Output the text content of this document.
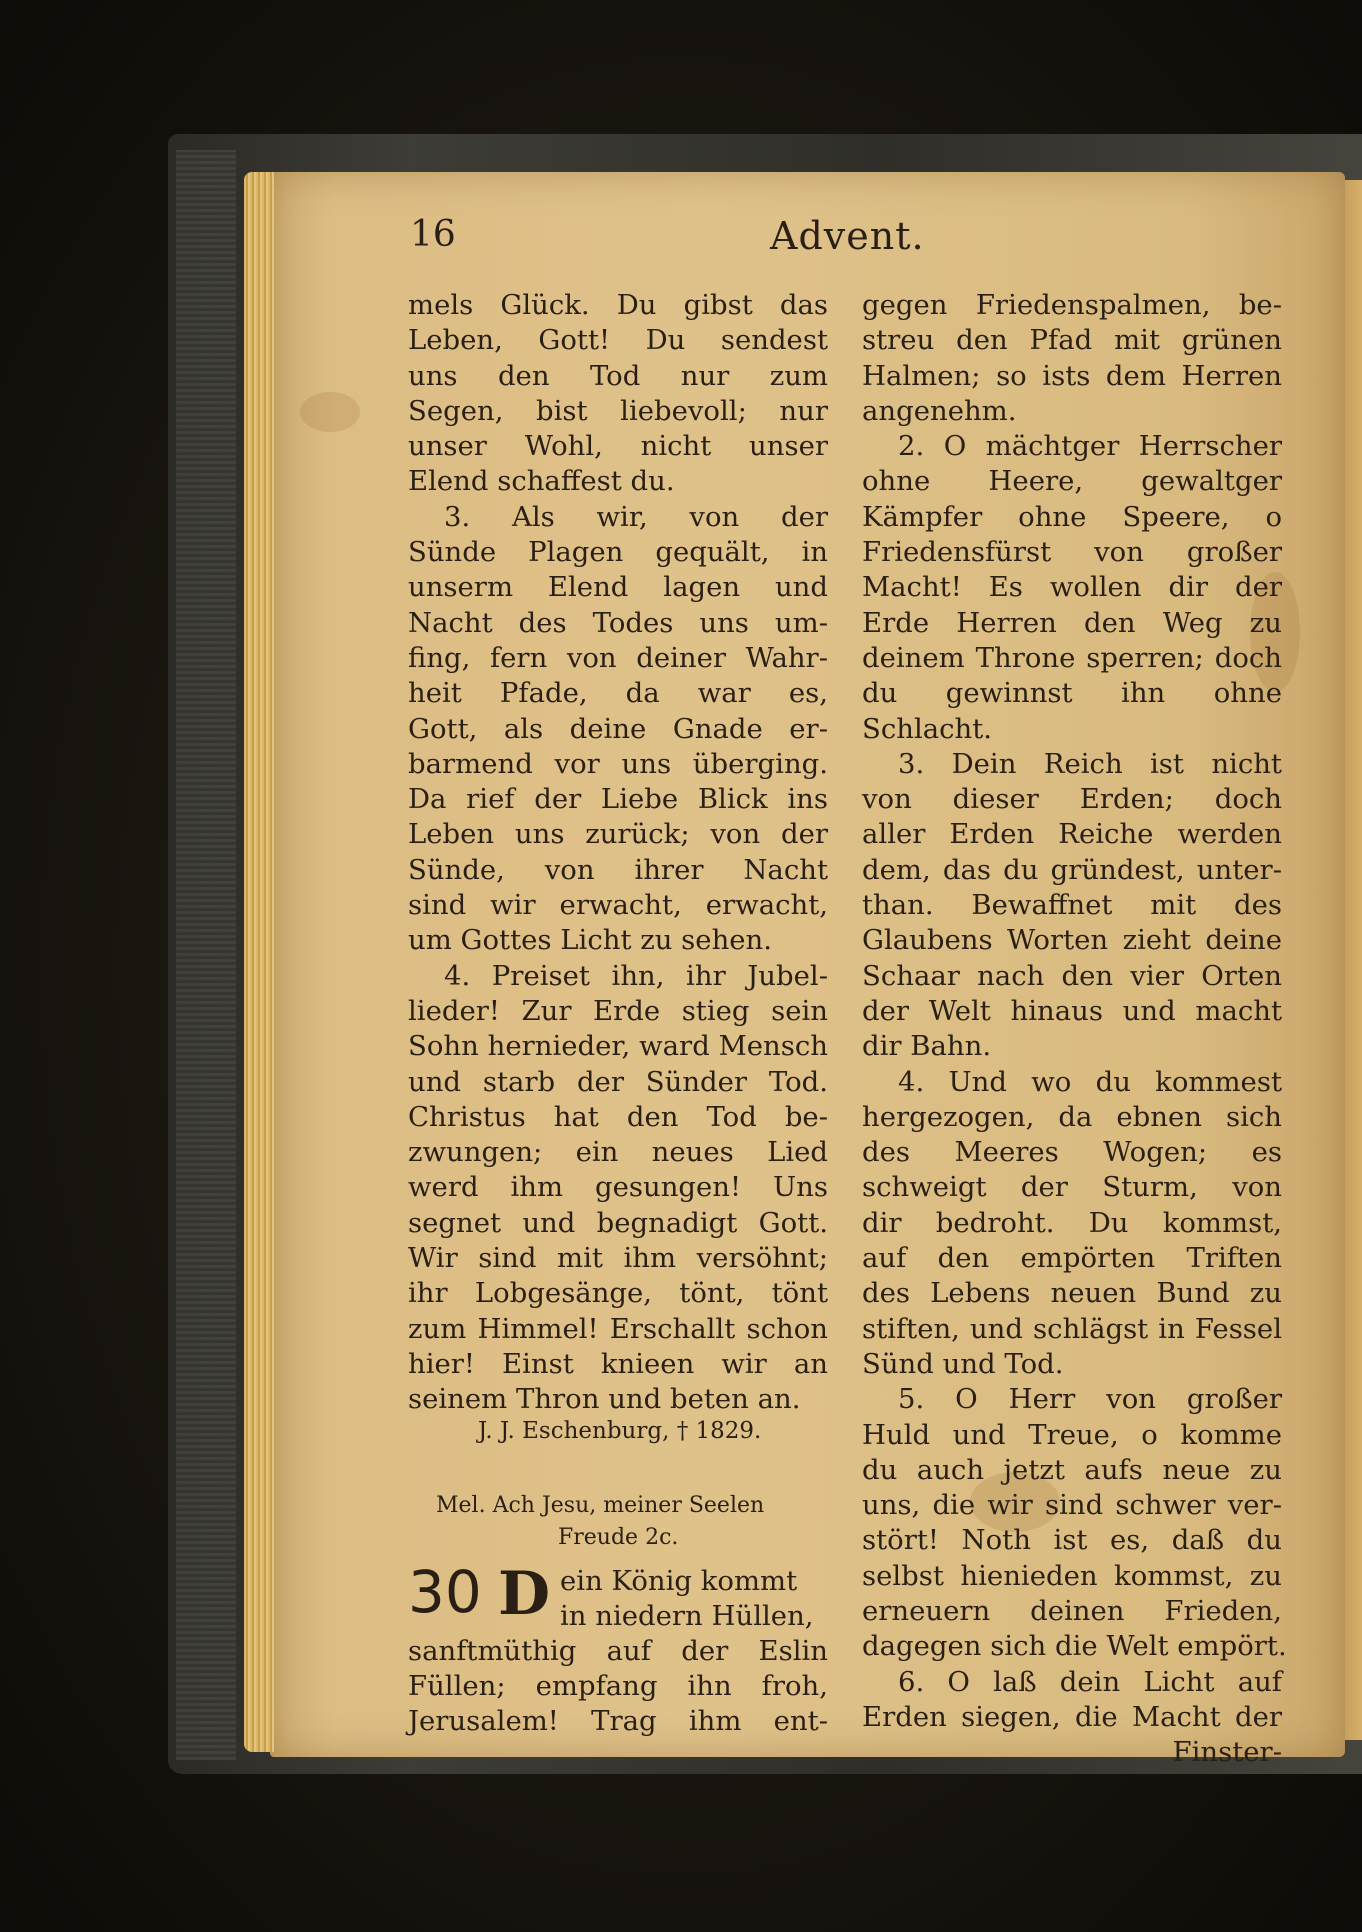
16	Advent.
mels Glück. Du gibst das
Leben, Gott! Du sendest
uns den Tod nur zum
Segen, bist liebevoll; nur
unser Wohl, nicht unser
Elend schaffest du.
3. Als wir, von der
Sünde Plagen gequält, in
unserm Elend lagen und
Nacht des Todes uns um-
fing, fern von deiner Wahr-
heit Pfade, da war es,
Gott, als deine Gnade er-
barmend vor uns überging.
Da rief der Liebe Blick ins
Leben uns zurück; von der
Sünde, von ihrer Nacht
sind wir erwacht, erwacht,
um Gottes Licht zu sehen.
4. Preiset ihn, ihr Jubel-
lieder! Zur Erde stieg sein
Sohn hernieder, ward Mensch
und starb der Sünder Tod.
Christus hat den Tod be-
zwungen; ein neues Lied
werd ihm gesungen! Uns
segnet und begnadigt Gott.
Wir sind mit ihm versöhnt;
ihr Lobgesänge, tönt, tönt
zum Himmel! Erschallt schon
hier! Einst knieen wir an
seinem Thron und beten an.
J. J. Eschenburg, † 1829.
Mel. Ach Jesu, meiner Seelen
Freude 2c.
30 D ein König kommt
in niedern Hüllen,
sanftmüthig auf der Eslin
Füllen; empfang ihn froh,
Jerusalem! Trag ihm ent-
gegen Friedenspalmen, be-
streu den Pfad mit grünen
Halmen; so ists dem Herren
angenehm.
2. O mächtger Herrscher
ohne Heere, gewaltger
Kämpfer ohne Speere, o
Friedensfürst von großer
Macht! Es wollen dir der
Erde Herren den Weg zu
deinem Throne sperren; doch
du gewinnst ihn ohne
Schlacht.
3. Dein Reich ist nicht
von dieser Erden; doch
aller Erden Reiche werden
dem, das du gründest, unter-
than. Bewaffnet mit des
Glaubens Worten zieht deine
Schaar nach den vier Orten
der Welt hinaus und macht
dir Bahn.
4. Und wo du kommest
hergezogen, da ebnen sich
des Meeres Wogen; es
schweigt der Sturm, von
dir bedroht. Du kommst,
auf den empörten Triften
des Lebens neuen Bund zu
stiften, und schlägst in Fessel
Sünd und Tod.
5. O Herr von großer
Huld und Treue, o komme
du auch jetzt aufs neue zu
uns, die wir sind schwer ver-
stört! Noth ist es, daß du
selbst hienieden kommst, zu
erneuern deinen Frieden,
dagegen sich die Welt empört.
6. O laß dein Licht auf
Erden siegen, die Macht der
Finster-
